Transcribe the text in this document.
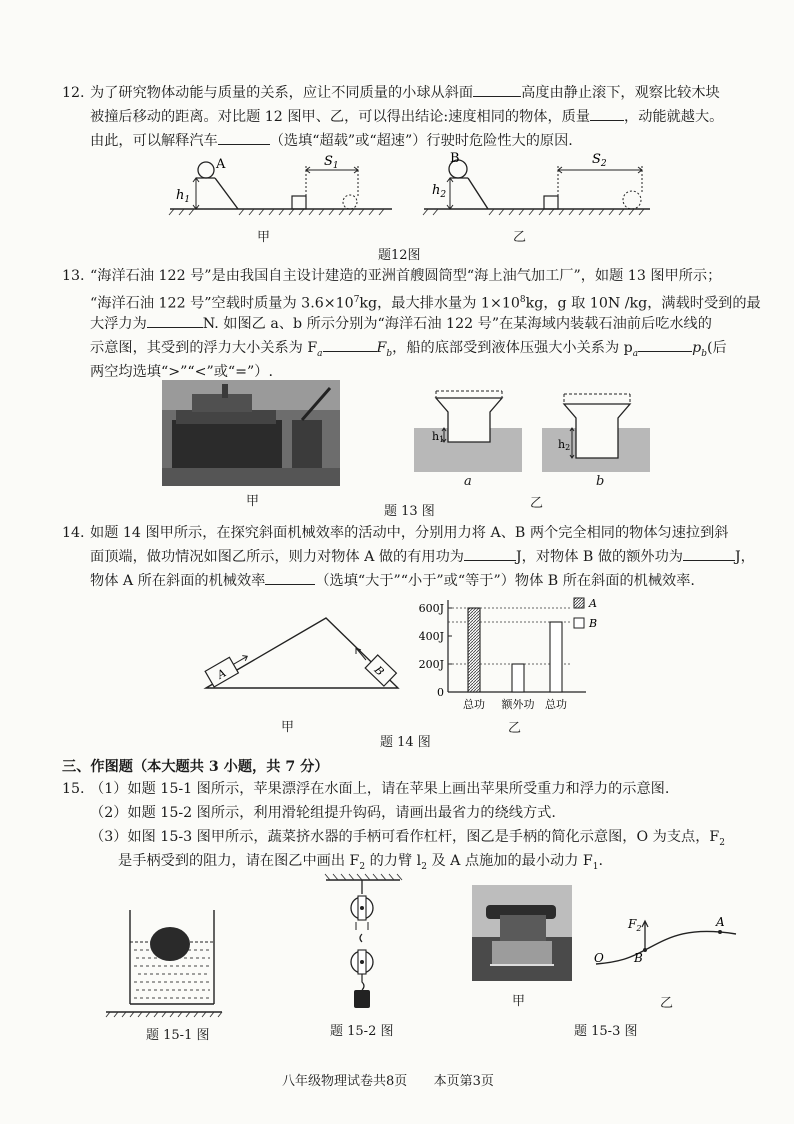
12. 为了研究物体动能与质量的关系，应让不同质量的小球从斜面	高度由静止滚下，观察比较木块
被撞后移动的距离。对比题 12 图甲、乙，可以得出结论:速度相同的物体，质量 ，动能就越大。
由此，可以解释汽车	（选填“超载”或“超速”）行驶时危险性大的原因.
A
$h_1$
$S_1$
甲
B
$h_2$
$S_2$
乙
题12图
13. “海洋石油 122 号”是由我国自主设计建造的亚洲首艘圆筒型“海上油气加工厂”，如题 13 图甲所示；
“海洋石油 122 号”空载时质量为 $3.6\times 10^7kg$，最大排水量为 $1\times 10^8kg$，g 取 10N /kg，满载时受到的最
大浮力为	N. 如图乙 a、b 所示分别为“海洋石油 122 号”在某海域内装载石油前后吃水线的
示意图，其受到的浮力大小关系为 $F_a$	$F_b$，船的底部受到液体压强大小关系为 $p_a$	$p_b$(后
两空均选填“>”“<”或“=”）.
甲
h1
a
h2
b
乙
题 13 图
14. 如题 14 图甲所示，在探究斜面机械效率的活动中，分别用力将 A、B 两个完全相同的物体匀速拉到斜
面顶端，做功情况如图乙所示，则力对物体 A 做的有用功为	J，对物体 B 做的额外功为	J，
物体 A 所在斜面的机械效率	（选填“大于”“小于”或“等于”）物体 B 所在斜面的机械效率.
A	B
甲
600J
400J
200J
0
总功 额外功 总功
A
B
乙
题 14 图
三、作图题（本大题共 3 小题，共 7 分）
15. （1）如题 15-1 图所示，苹果漂浮在水面上，请在苹果上画出苹果所受重力和浮力的示意图.
（2）如题 15-2 图所示，利用滑轮组提升钩码，请画出最省力的绕线方式.
（3）如图 15-3 图甲所示，蔬菜挤水器的手柄可看作杠杆，图乙是手柄的简化示意图，O 为支点，$F_2$
是手柄受到的阻力，请在图乙中画出 $F_2$ 的力臂 $l_2$ 及 A 点施加的最小动力 $F_1$.
题 15-1 图	题 15-2 图
甲
$F_2$
O	B
A
乙
题 15-3 图
八年级物理试卷共8页 本页第3页
